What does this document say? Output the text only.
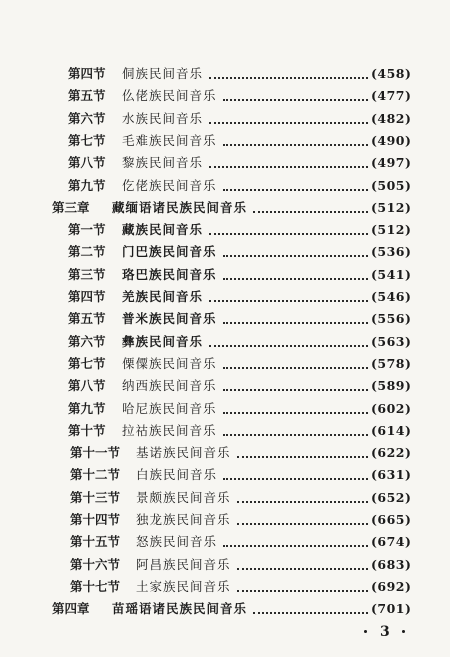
第四节 侗族民间音乐	(458)
第五节 仫佬族民间音乐	(477)
第六节 水族民间音乐	(482)
第七节 毛难族民间音乐	(490)
第八节 黎族民间音乐	(497)
第九节 仡佬族民间音乐	(505)
第三章 藏缅语诸民族民间音乐	(512)
第一节 藏族民间音乐	(512)
第二节 门巴族民间音乐	(536)
第三节 珞巴族民间音乐	(541)
第四节 羌族民间音乐	(546)
第五节 普米族民间音乐	(556)
第六节 彝族民间音乐	(563)
第七节 傈僳族民间音乐	(578)
第八节 纳西族民间音乐	(589)
第九节 哈尼族民间音乐	(602)
第十节 拉祜族民间音乐	(614)
第十一节 基诺族民间音乐	(622)
第十二节 白族民间音乐	(631)
第十三节 景颇族民间音乐	(652)
第十四节 独龙族民间音乐	(665)
第十五节 怒族民间音乐	(674)
第十六节 阿昌族民间音乐	(683)
第十七节 土家族民间音乐	(692)
第四章 苗瑶语诸民族民间音乐	(701)
3
